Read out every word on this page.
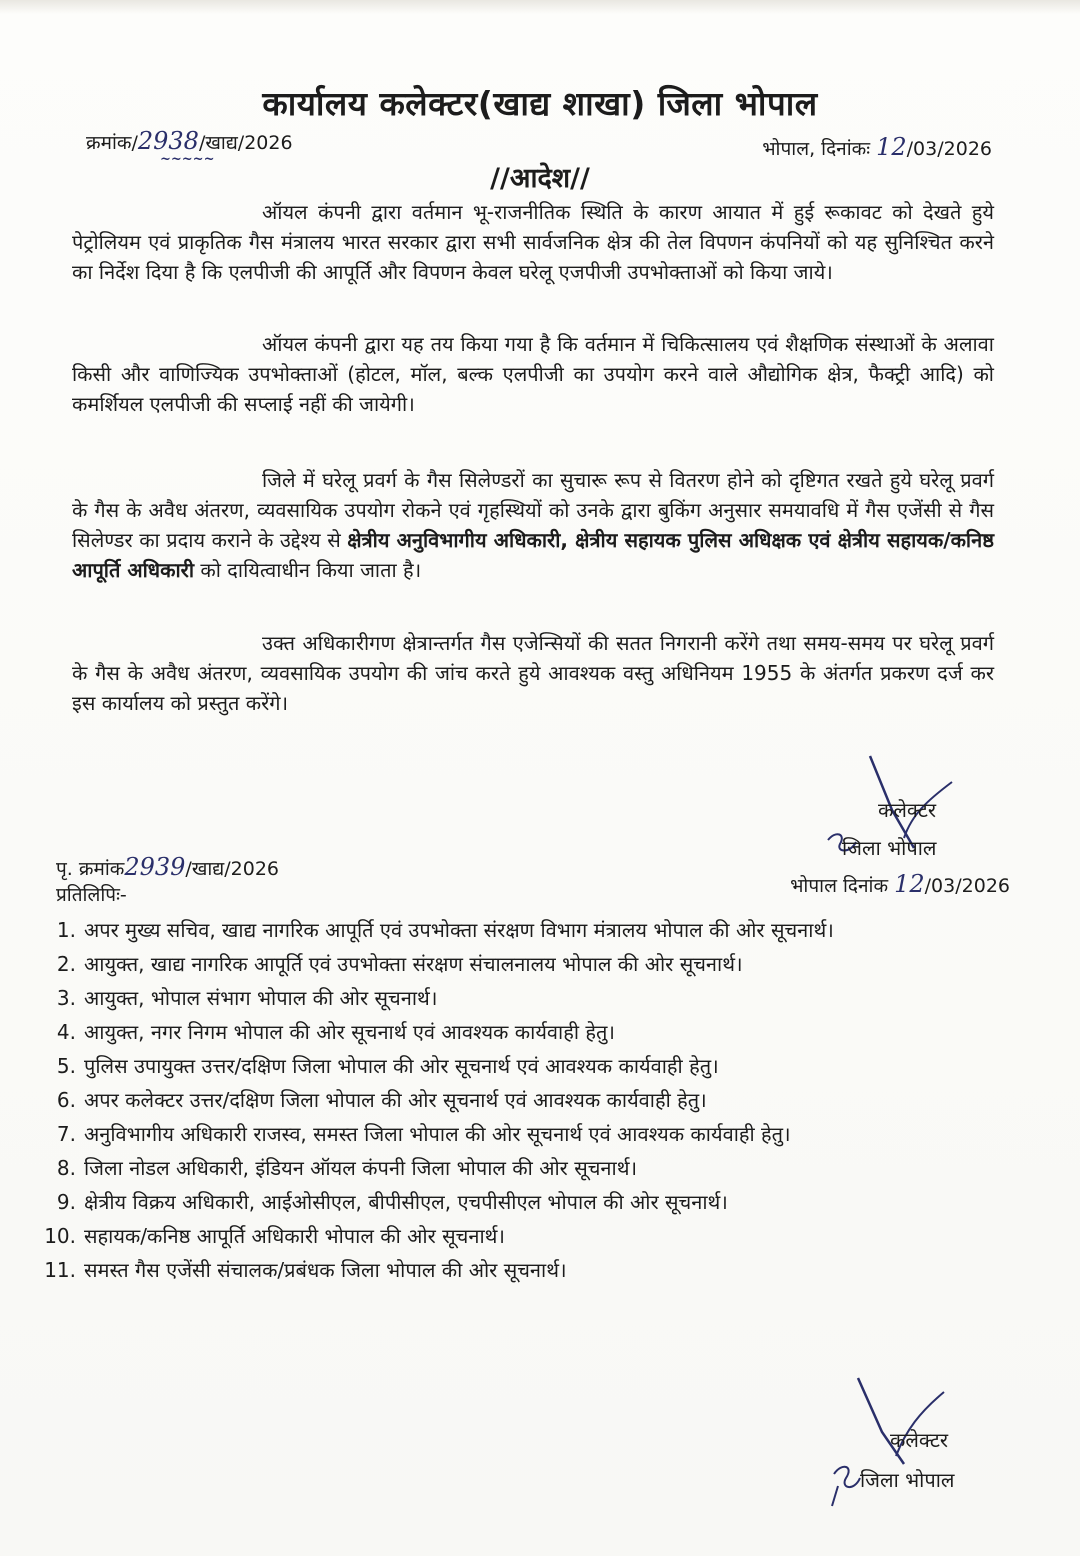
कार्यालय कलेक्टर(खाद्य शाखा) जिला भोपाल
क्रमांक/2938/खाद्य/2026
~~~~~	भोपाल, दिनांकः 12/03/2026
//आदेश//

ऑयल कंपनी द्वारा वर्तमान भू-राजनीतिक स्थिति के कारण आयात में हुई रूकावट को देखते हुये पेट्रोलियम एवं प्राकृतिक गैस मंत्रालय भारत सरकार द्वारा सभी सार्वजनिक क्षेत्र की तेल विपणन कंपनियों को यह सुनिश्चित करने का निर्देश दिया है कि एलपीजी की आपूर्ति और विपणन केवल घरेलू एजपीजी उपभोक्ताओं को किया जाये।

ऑयल कंपनी द्वारा यह तय किया गया है कि वर्तमान में चिकित्सालय एवं शैक्षणिक संस्थाओं के अलावा किसी और वाणिज्यिक उपभोक्ताओं (होटल, मॉल, बल्क एलपीजी का उपयोग करने वाले औद्योगिक क्षेत्र, फैक्ट्री आदि) को कमर्शियल एलपीजी की सप्लाई नहीं की जायेगी।

जिले में घरेलू प्रवर्ग के गैस सिलेण्डरों का सुचारू रूप से वितरण होने को दृष्टिगत रखते हुये घरेलू प्रवर्ग के गैस के अवैध अंतरण, व्यवसायिक उपयोग रोकने एवं गृहस्थियों को उनके द्वारा बुकिंग अनुसार समयावधि में गैस एजेंसी से गैस सिलेण्डर का प्रदाय कराने के उद्देश्य से क्षेत्रीय अनुविभागीय अधिकारी, क्षेत्रीय सहायक पुलिस अधिक्षक एवं क्षेत्रीय सहायक/कनिष्ठ आपूर्ति अधिकारी को दायित्वाधीन किया जाता है।

उक्त अधिकारीगण क्षेत्रान्तर्गत गैस एजेन्सियों की सतत निगरानी करेंगे तथा समय-समय पर घरेलू प्रवर्ग के गैस के अवैध अंतरण, व्यवसायिक उपयोग की जांच करते हुये आवश्यक वस्तु अधिनियम 1955 के अंतर्गत प्रकरण दर्ज कर इस कार्यालय को प्रस्तुत करेंगे।

कलेक्टर
जिला भोपाल
पृ. क्रमांक2939/खाद्य/2026
भोपाल दिनांक 12/03/2026
प्रतिलिपिः-
1. अपर मुख्य सचिव, खाद्य नागरिक आपूर्ति एवं उपभोक्ता संरक्षण विभाग मंत्रालय भोपाल की ओर सूचनार्थ।
2. आयुक्त, खाद्य नागरिक आपूर्ति एवं उपभोक्ता संरक्षण संचालनालय भोपाल की ओर सूचनार्थ।
3. आयुक्त, भोपाल संभाग भोपाल की ओर सूचनार्थ।
4. आयुक्त, नगर निगम भोपाल की ओर सूचनार्थ एवं आवश्यक कार्यवाही हेतु।
5. पुलिस उपायुक्त उत्तर/दक्षिण जिला भोपाल की ओर सूचनार्थ एवं आवश्यक कार्यवाही हेतु।
6. अपर कलेक्टर उत्तर/दक्षिण जिला भोपाल की ओर सूचनार्थ एवं आवश्यक कार्यवाही हेतु।
7. अनुविभागीय अधिकारी राजस्व, समस्त जिला भोपाल की ओर सूचनार्थ एवं आवश्यक कार्यवाही हेतु।
8. जिला नोडल अधिकारी, इंडियन ऑयल कंपनी जिला भोपाल की ओर सूचनार्थ।
9. क्षेत्रीय विक्रय अधिकारी, आईओसीएल, बीपीसीएल, एचपीसीएल भोपाल की ओर सूचनार्थ।
10. सहायक/कनिष्ठ आपूर्ति अधिकारी भोपाल की ओर सूचनार्थ।
11. समस्त गैस एजेंसी संचालक/प्रबंधक जिला भोपाल की ओर सूचनार्थ।
कलेक्टर
जिला भोपाल
